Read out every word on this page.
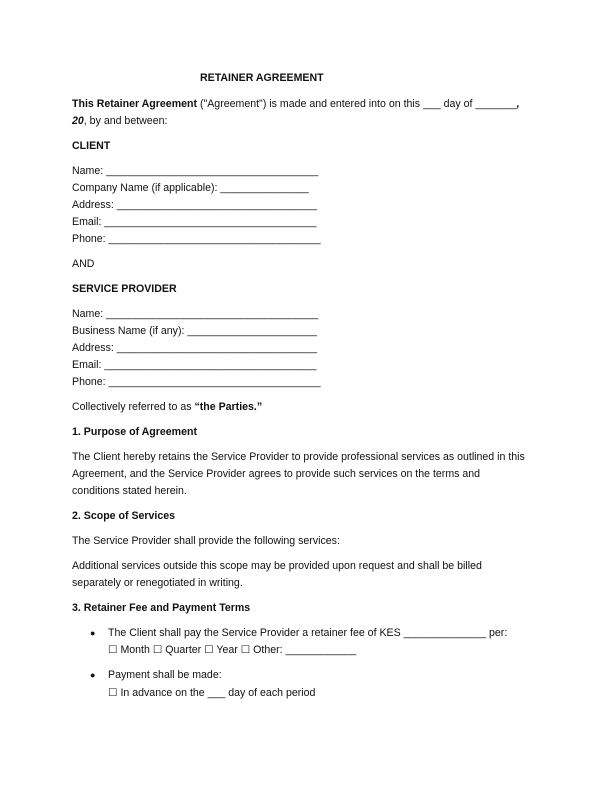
RETAINER AGREEMENT
This Retainer Agreement ("Agreement") is made and entered into on this ___ day of _______,
20, by and between:
CLIENT
Name: ____________________________________
Company Name (if applicable): _______________
Address: __________________________________
Email: ____________________________________
Phone: ____________________________________
AND
SERVICE PROVIDER
Name: ____________________________________
Business Name (if any): ______________________
Address: __________________________________
Email: ____________________________________
Phone: ____________________________________
Collectively referred to as “the Parties.”
1. Purpose of Agreement
The Client hereby retains the Service Provider to provide professional services as outlined in this
Agreement, and the Service Provider agrees to provide such services on the terms and
conditions stated herein.
2. Scope of Services
The Service Provider shall provide the following services:
Additional services outside this scope may be provided upon request and shall be billed
separately or renegotiated in writing.
3. Retainer Fee and Payment Terms
● The Client shall pay the Service Provider a retainer fee of KES ______________ per:
☐ Month ☐ Quarter ☐ Year ☐ Other: ____________
● Payment shall be made:
☐ In advance on the ___ day of each period
